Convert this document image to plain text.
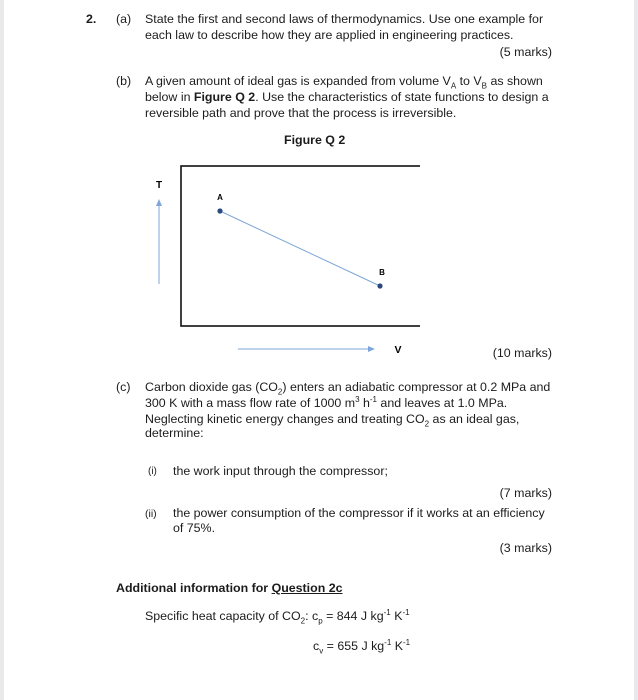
2. (a) State the first and second laws of thermodynamics. Use one example for
each law to describe how they are applied in engineering practices.
(5 marks)
(b) A given amount of ideal gas is expanded from volume $V_A$ to $V_B$ as shown
below in Figure Q 2. Use the characteristics of state functions to design a
reversible path and prove that the process is irreversible.
Figure Q 2
T
A
B
V	(10 marks)
(c) Carbon dioxide gas $(CO_2)$ enters an adiabatic compressor at 0.2 MPa and
300 K with a mass flow rate of 1000 $m^3$ $h^{-1}$ and leaves at 1.0 MPa.
Neglecting kinetic energy changes and treating $CO_2$ as an ideal gas,
determine:
(i) the work input through the compressor;
(7 marks)
(ii) the power consumption of the compressor if it works at an efficiency
of 75%.
(3 marks)
Additional information for Question 2c
Specific heat capacity of $CO_2$: $c_p = 844$ J $kg^{-1}$ $K^{-1}$
$c_v = 655$ J $kg^{-1}$ $K^{-1}$
